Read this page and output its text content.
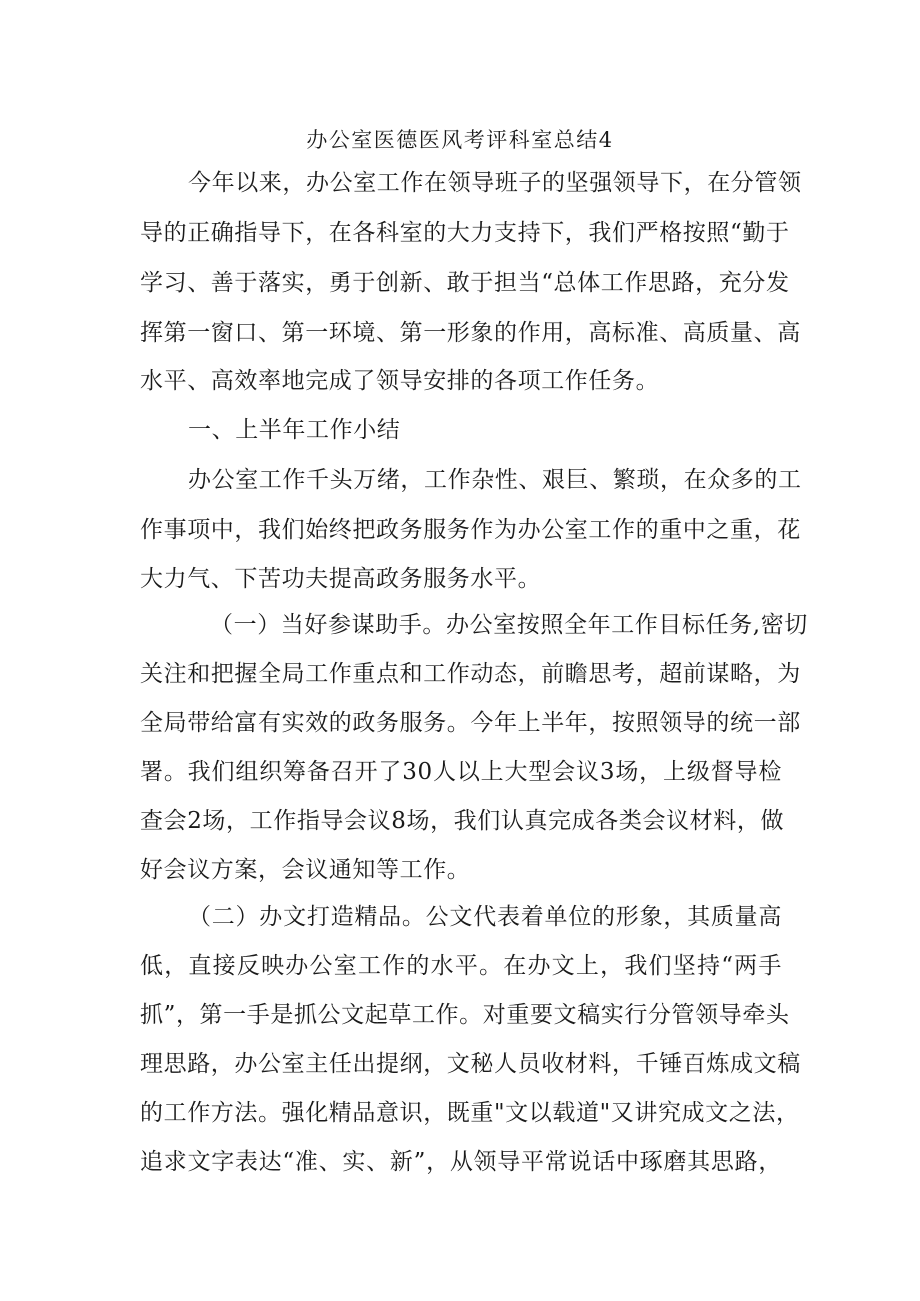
办公室医德医风考评科室总结4
今年以来，办公室工作在领导班子的坚强领导下，在分管领
导的正确指导下，在各科室的大力支持下，我们严格按照“勤于
学习、善于落实，勇于创新、敢于担当“总体工作思路，充分发
挥第一窗口、第一环境、第一形象的作用，高标准、高质量、高
水平、高效率地完成了领导安排的各项工作任务。
一、上半年工作小结
办公室工作千头万绪，工作杂性、艰巨、繁琐，在众多的工
作事项中，我们始终把政务服务作为办公室工作的重中之重，花
大力气、下苦功夫提高政务服务水平。
（一）当好参谋助手。办公室按照全年工作目标任务,密切
关注和把握全局工作重点和工作动态，前瞻思考，超前谋略，为
全局带给富有实效的政务服务。今年上半年，按照领导的统一部
署。我们组织筹备召开了30人以上大型会议3场，上级督导检
查会2场，工作指导会议8场，我们认真完成各类会议材料，做
好会议方案，会议通知等工作。
（二）办文打造精品。公文代表着单位的形象，其质量高
低，直接反映办公室工作的水平。在办文上，我们坚持“两手
抓”，第一手是抓公文起草工作。对重要文稿实行分管领导牵头
理思路，办公室主任出提纲，文秘人员收材料，千锤百炼成文稿
的工作方法。强化精品意识，既重"文以载道"又讲究成文之法，
追求文字表达“准、实、新”，从领导平常说话中琢磨其思路，
